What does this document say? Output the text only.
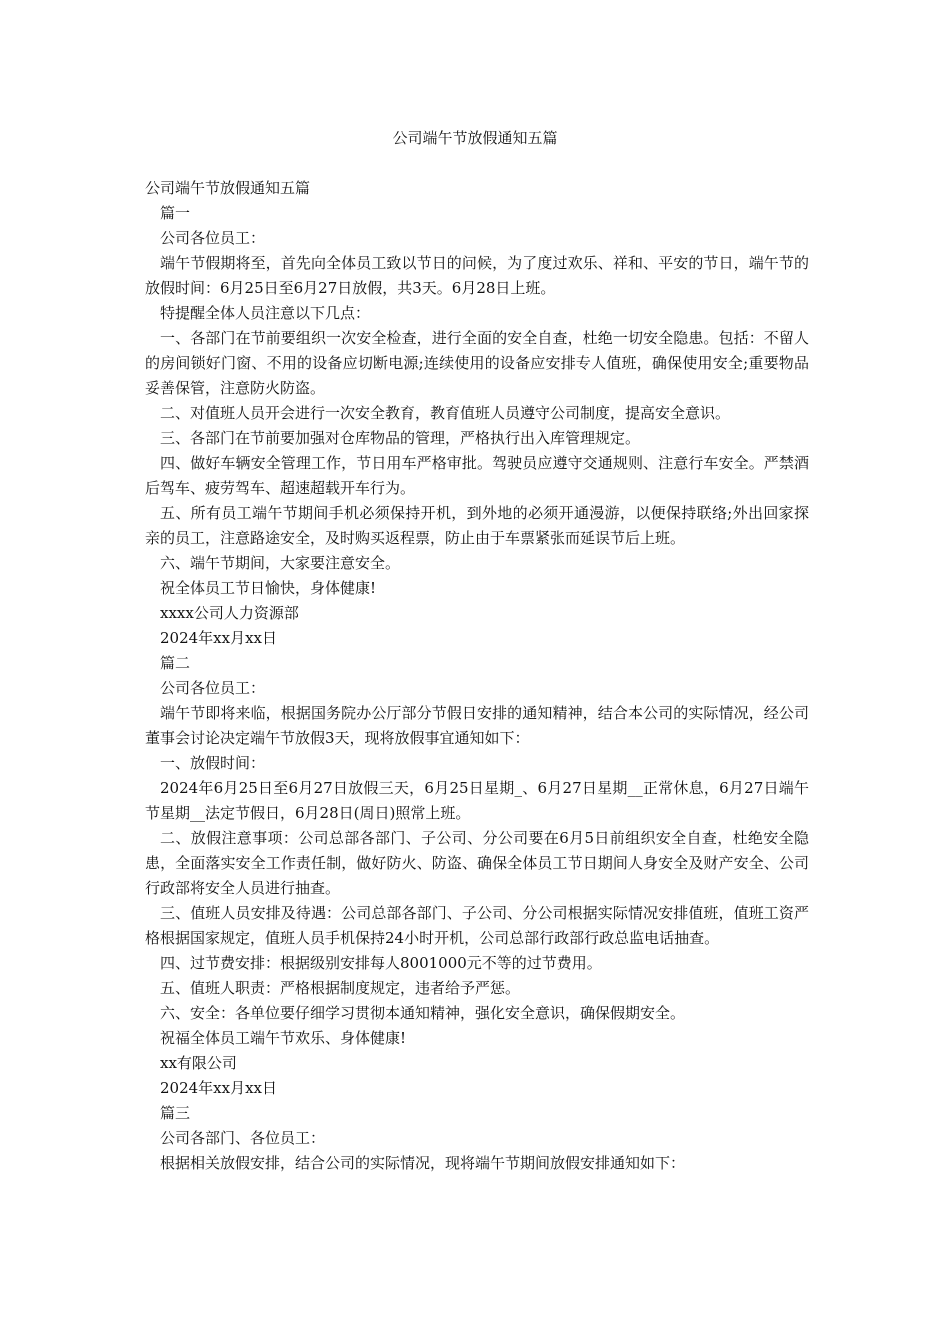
公司端午节放假通知五篇

公司端午节放假通知五篇

篇一

公司各位员工：

端午节假期将至，首先向全体员工致以节日的问候，为了度过欢乐、祥和、平安的节日，端午节的放假时间：6月25日至6月27日放假，共3天。6月28日上班。

特提醒全体人员注意以下几点：

一、各部门在节前要组织一次安全检查，进行全面的安全自查，杜绝一切安全隐患。包括：不留人的房间锁好门窗、不用的设备应切断电源;连续使用的设备应安排专人值班，确保使用安全;重要物品妥善保管，注意防火防盗。

二、对值班人员开会进行一次安全教育，教育值班人员遵守公司制度，提高安全意识。

三、各部门在节前要加强对仓库物品的管理，严格执行出入库管理规定。

四、做好车辆安全管理工作，节日用车严格审批。驾驶员应遵守交通规则、注意行车安全。严禁酒后驾车、疲劳驾车、超速超载开车行为。

五、所有员工端午节期间手机必须保持开机，到外地的必须开通漫游，以便保持联络;外出回家探亲的员工，注意路途安全，及时购买返程票，防止由于车票紧张而延误节后上班。

六、端午节期间，大家要注意安全。

祝全体员工节日愉快，身体健康!

xxxx公司人力资源部

2024年xx月xx日

篇二

公司各位员工：

端午节即将来临，根据国务院办公厅部分节假日安排的通知精神，结合本公司的实际情况，经公司董事会讨论决定端午节放假3天，现将放假事宜通知如下：

一、放假时间：

2024年6月25日至6月27日放假三天，6月25日星期_、6月27日星期__正常休息，6月27日端午节星期__法定节假日，6月28日(周日)照常上班。

二、放假注意事项：公司总部各部门、子公司、分公司要在6月5日前组织安全自查，杜绝安全隐患，全面落实安全工作责任制，做好防火、防盗、确保全体员工节日期间人身安全及财产安全、公司行政部将安全人员进行抽查。

三、值班人员安排及待遇：公司总部各部门、子公司、分公司根据实际情况安排值班，值班工资严格根据国家规定，值班人员手机保持24小时开机，公司总部行政部行政总监电话抽查。

四、过节费安排：根据级别安排每人8001000元不等的过节费用。

五、值班人职责：严格根据制度规定，违者给予严惩。

六、安全：各单位要仔细学习贯彻本通知精神，强化安全意识，确保假期安全。

祝福全体员工端午节欢乐、身体健康!

xx有限公司

2024年xx月xx日

篇三

公司各部门、各位员工：

根据相关放假安排，结合公司的实际情况，现将端午节期间放假安排通知如下：
